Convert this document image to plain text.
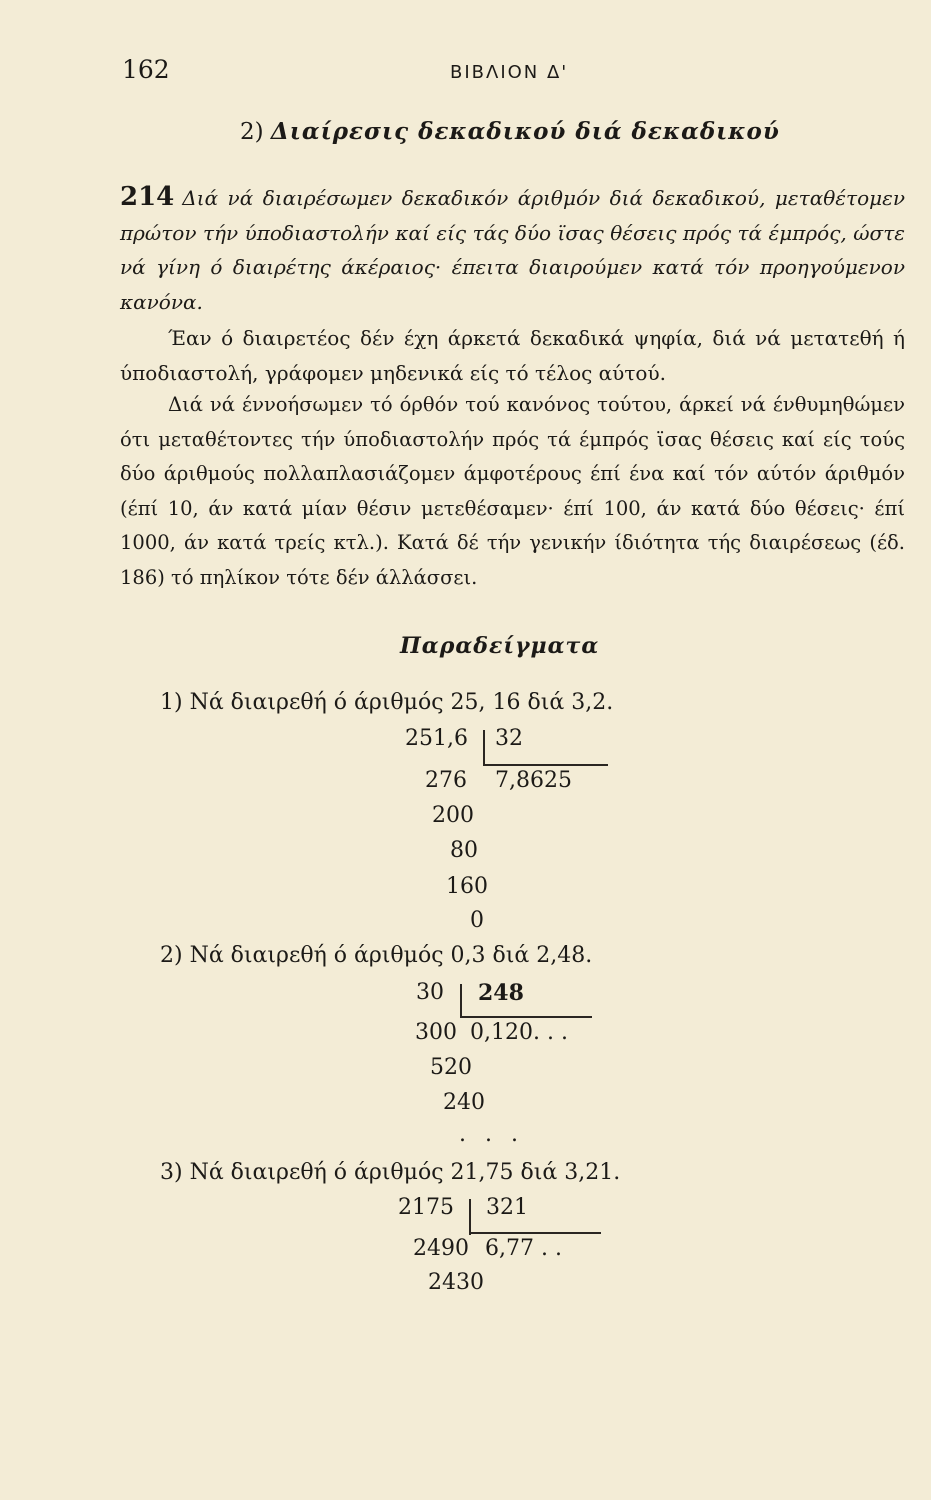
162	ΒΙΒΛΙΟΝ Δ'
2) Διαίρεσις δεκαδικού διά δεκαδικού
214 Διά νά διαιρέσωμεν δεκαδικόν άριθμόν διά δεκαδικού, μεταθέτομεν πρώτον τήν ύποδιαστολήν καί είς τάς δύο ϊσας θέσεις πρός τά έμπρός, ώστε νά γίνη ό διαιρέτης άκέραιος· έπειτα διαιρούμεν κατά τόν προηγούμενον κανόνα.
Έαν ό διαιρετέος δέν έχη άρκετά δεκαδικά ψηφία, διά νά μετατεθή ή ύποδιαστολή, γράφομεν μηδενικά είς τό τέλος αύτού.
Διά νά έννοήσωμεν τό όρθόν τού κανόνος τούτου, άρκεί νά ένθυμηθώμεν ότι μεταθέτοντες τήν ύποδιαστολήν πρός τά έμπρός ϊσας θέσεις καί είς τούς δύο άριθμούς πολλαπλασιάζομεν άμφοτέρους έπί ένα καί τόν αύτόν άριθμόν (έπί 10, άν κατά μίαν θέσιν μετεθέσαμεν· έπί 100, άν κατά δύο θέσεις· έπί 1000, άν κατά τρείς κτλ.). Κατά δέ τήν γενικήν ίδιότητα τής διαιρέσεως (έδ. 186) τό πηλίκον τότε δέν άλλάσσει.
Παραδείγματα
1) Νά διαιρεθή ό άριθμός 25, 16 διά 3,2.
251,6 32
276 7,8625
200
80
160
0
2) Νά διαιρεθή ό άριθμός 0,3 διά 2,48.
30 248
300 0,120. . .
520
240
. . .
3) Νά διαιρεθή ό άριθμός 21,75 διά 3,21.
2175 321
2490 6,77 . .
2430
